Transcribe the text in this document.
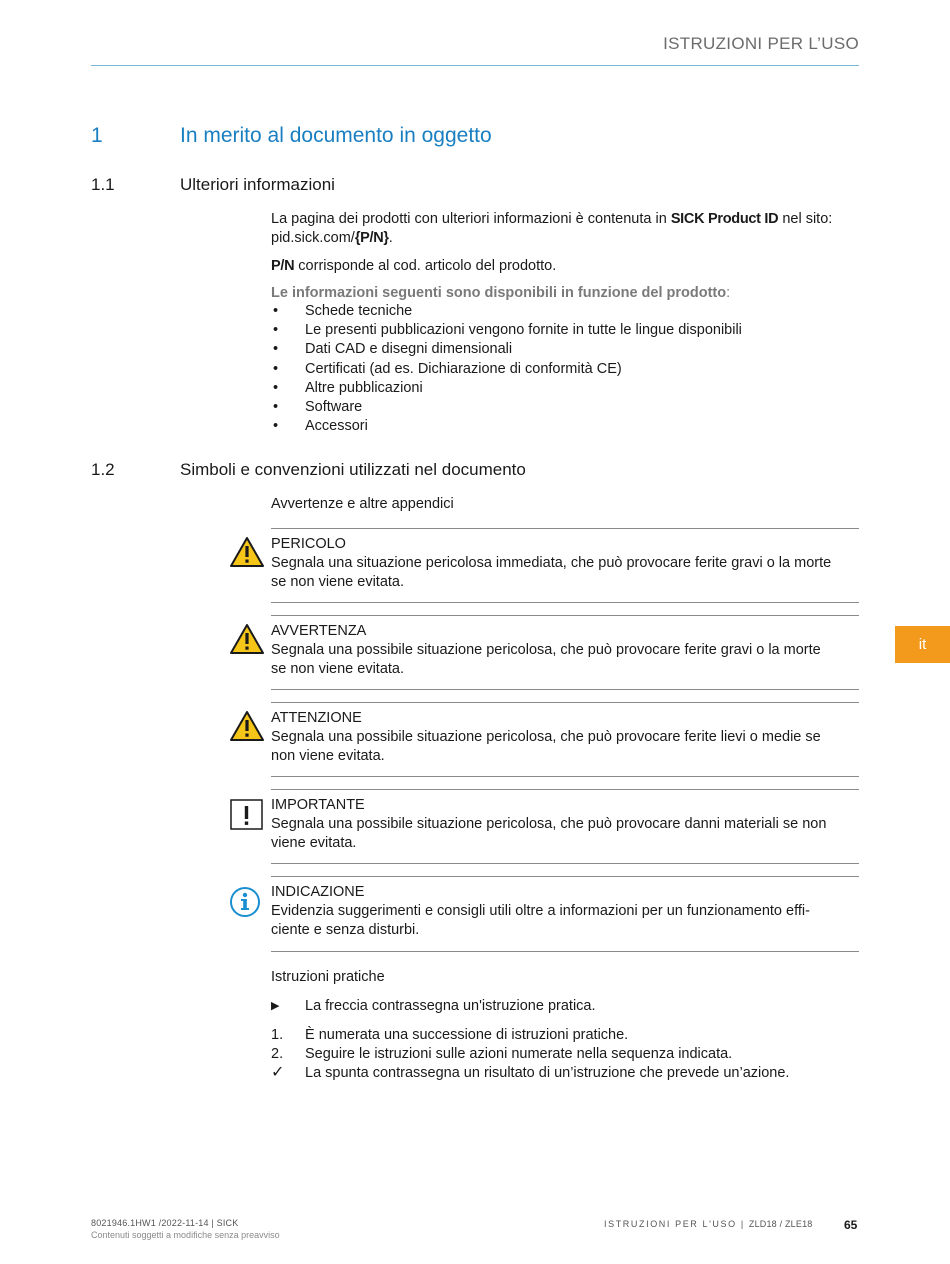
ISTRUZIONI PER L’USO
1	In merito al documento in oggetto
1.1	Ulteriori informazioni
La pagina dei prodotti con ulteriori informazioni è contenuta in SICK Product ID nel sito:
pid.sick.com/{P/N}.
P/N corrisponde al cod. articolo del prodotto.
Le informazioni seguenti sono disponibili in funzione del prodotto:
• Schede tecniche
• Le presenti pubblicazioni vengono fornite in tutte le lingue disponibili
• Dati CAD e disegni dimensionali
• Certificati (ad es. Dichiarazione di conformità CE)
• Altre pubblicazioni
• Software
• Accessori
1.2	Simboli e convenzioni utilizzati nel documento
Avvertenze e altre appendici
PERICOLO
Segnala una situazione pericolosa immediata, che può provocare ferite gravi o la morte
se non viene evitata.
AVVERTENZA
Segnala una possibile situazione pericolosa, che può provocare ferite gravi o la morte
se non viene evitata.
ATTENZIONE
Segnala una possibile situazione pericolosa, che può provocare ferite lievi o medie se
non viene evitata.
IMPORTANTE
Segnala una possibile situazione pericolosa, che può provocare danni materiali se non
viene evitata.
INDICAZIONE
Evidenzia suggerimenti e consigli utili oltre a informazioni per un funzionamento effi-
ciente e senza disturbi.
Istruzioni pratiche
▶ La freccia contrassegna un'istruzione pratica.
1. È numerata una successione di istruzioni pratiche.
2. Seguire le istruzioni sulle azioni numerate nella sequenza indicata.
✓ La spunta contrassegna un risultato di un’istruzione che prevede un’azione.
it
8021946.1HW1 /2022-11-14 | SICK
Contenuti soggetti a modifiche senza preavviso
ISTRUZIONI PER L'USO | ZLD18 / ZLE18	65
